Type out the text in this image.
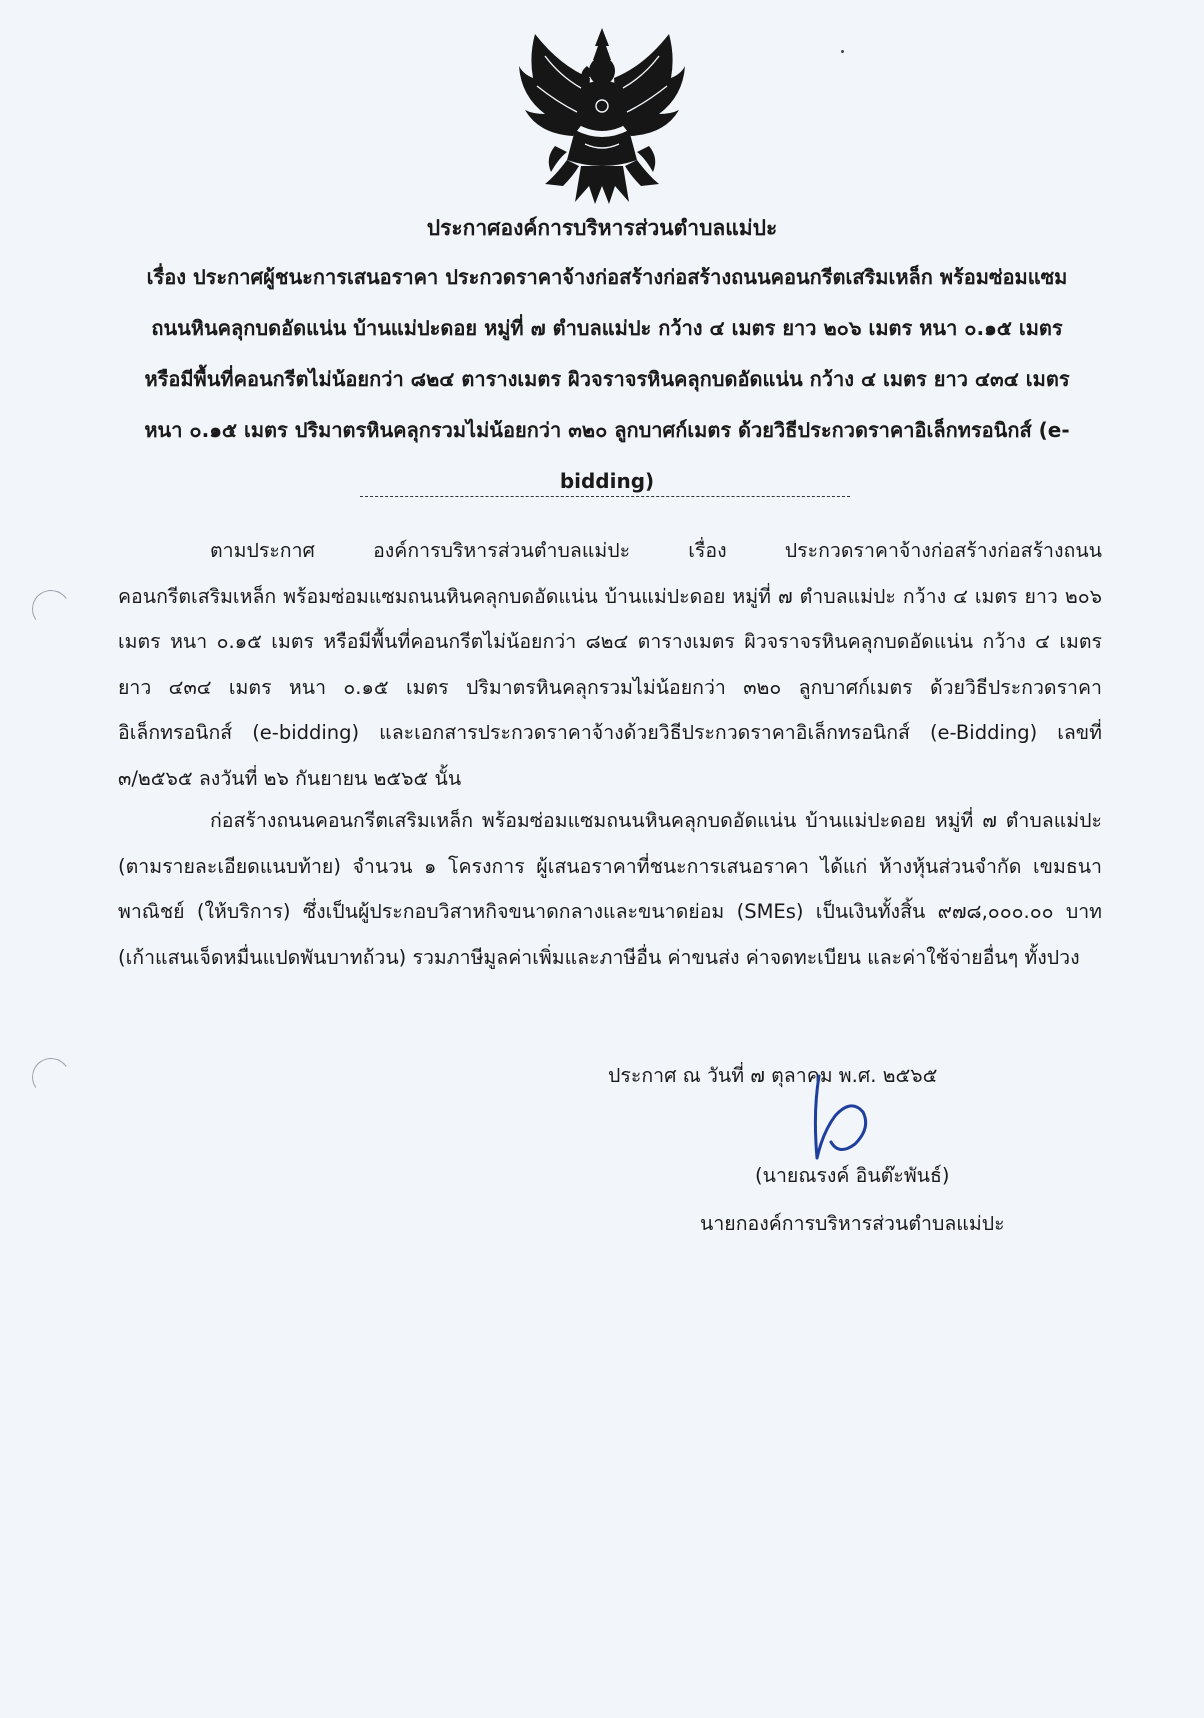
ประกาศองค์การบริหารส่วนตำบลแม่ปะ
เรื่อง ประกาศผู้ชนะการเสนอราคา ประกวดราคาจ้างก่อสร้างก่อสร้างถนนคอนกรีตเสริมเหล็ก พร้อมซ่อมแซม
ถนนหินคลุกบดอัดแน่น บ้านแม่ปะดอย หมู่ที่ ๗ ตำบลแม่ปะ กว้าง ๔ เมตร ยาว ๒๐๖ เมตร หนา ๐.๑๕ เมตร
หรือมีพื้นที่คอนกรีตไม่น้อยกว่า ๘๒๔ ตารางเมตร ผิวจราจรหินคลุกบดอัดแน่น กว้าง ๔ เมตร ยาว ๔๓๔ เมตร
หนา ๐.๑๕ เมตร ปริมาตรหินคลุกรวมไม่น้อยกว่า ๓๒๐ ลูกบาศก์เมตร ด้วยวิธีประกวดราคาอิเล็กทรอนิกส์ (e-
bidding)

ตามประกาศ องค์การบริหารส่วนตำบลแม่ปะ เรื่อง ประกวดราคาจ้างก่อสร้างก่อสร้างถนนคอนกรีตเสริมเหล็ก พร้อมซ่อมแซมถนนหินคลุกบดอัดแน่น บ้านแม่ปะดอย หมู่ที่ ๗ ตำบลแม่ปะ กว้าง ๔ เมตร ยาว ๒๐๖ เมตร หนา ๐.๑๕ เมตร หรือมีพื้นที่คอนกรีตไม่น้อยกว่า ๘๒๔ ตารางเมตร ผิวจราจรหินคลุกบดอัดแน่น กว้าง ๔ เมตร ยาว ๔๓๔ เมตร หนา ๐.๑๕ เมตร ปริมาตรหินคลุกรวมไม่น้อยกว่า ๓๒๐ ลูกบาศก์เมตร ด้วยวิธีประกวดราคาอิเล็กทรอนิกส์ (e-bidding) และเอกสารประกวดราคาจ้างด้วยวิธีประกวดราคาอิเล็กทรอนิกส์ (e-Bidding) เลขที่ ๓/๒๕๖๕ ลงวันที่ ๒๖ กันยายน ๒๕๖๕ นั้น

ก่อสร้างถนนคอนกรีตเสริมเหล็ก พร้อมซ่อมแซมถนนหินคลุกบดอัดแน่น บ้านแม่ปะดอย หมู่ที่ ๗ ตำบลแม่ปะ (ตามรายละเอียดแนบท้าย) จำนวน ๑ โครงการ ผู้เสนอราคาที่ชนะการเสนอราคา ได้แก่ ห้างหุ้นส่วนจำกัด เขมธนาพาณิชย์ (ให้บริการ) ซึ่งเป็นผู้ประกอบวิสาหกิจขนาดกลางและขนาดย่อม (SMEs) เป็นเงินทั้งสิ้น ๙๗๘,๐๐๐.๐๐ บาท (เก้าแสนเจ็ดหมื่นแปดพันบาทถ้วน) รวมภาษีมูลค่าเพิ่มและภาษีอื่น ค่าขนส่ง ค่าจดทะเบียน และค่าใช้จ่ายอื่นๆ ทั้งปวง

ประกาศ ณ วันที่ ๗ ตุลาคม พ.ศ. ๒๕๖๕
(นายณรงค์ อินต๊ะพันธ์)
นายกองค์การบริหารส่วนตำบลแม่ปะ
